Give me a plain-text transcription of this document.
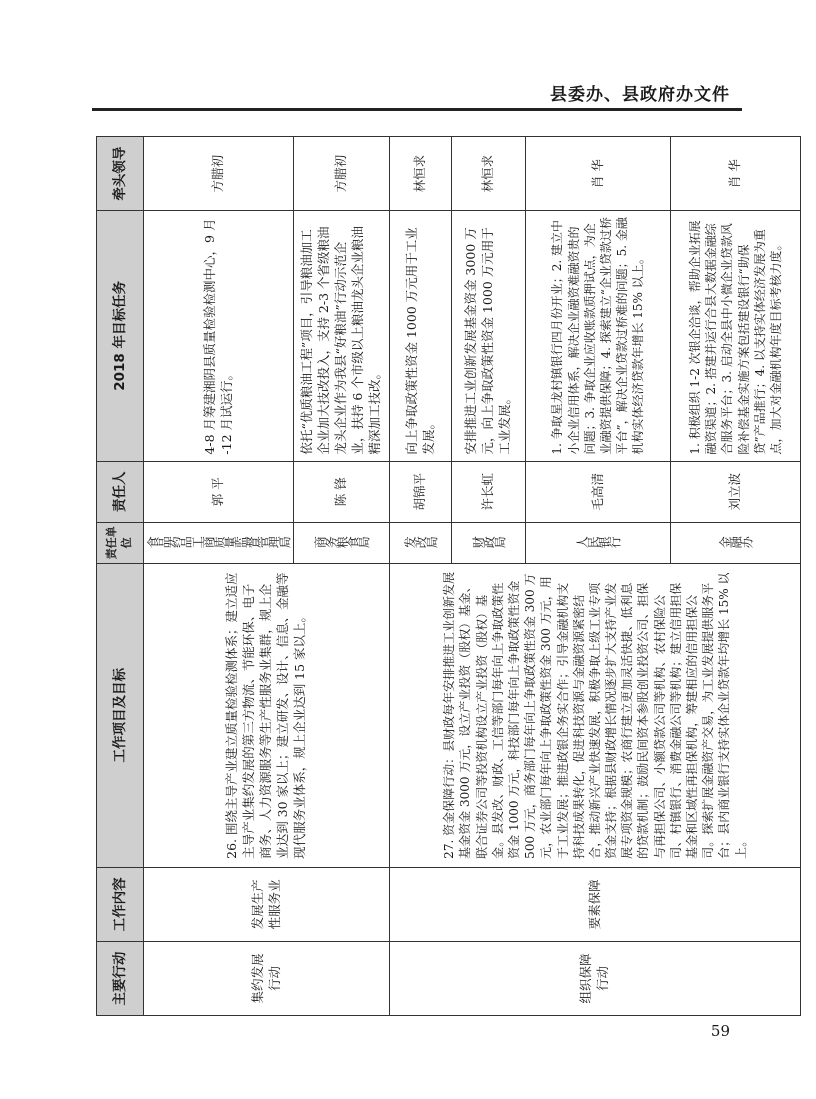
县委办、县政府办文件
主要行动	工作内容	工作项目及目标	责任单位	责任人	2018 年目标任务	牵头领导
集约发展行动	发展生产性服务业	26. 围绕主导产业建立质量检验检测体系；建立适应主导产业集约发展的第三方物流、节能环保、电子商务、人力资源服务等生产性服务业集群，规上企业达到 30 家以上；建立研发、设计、信息、金融等现代服务业体系，规上企业达到 15 家以上。	食品药品工商质量监督管理局	郭 平	4-8 月筹建湘阴县质量检验检测中心，9 月 -12 月试运行。	方腊初

			商务粮食局	陈 锋	依托“优质粮油工程”项目，引导粮油加工企业加大技改投入，支持 2-3 个省级粮油龙头企业作为我县“好粮油”行动示范企业，扶持 6 个市级以上粮油龙头企业粮油精深加工技改。	方腊初
组织保障行动	要素保障	27. 资金保障行动：县财政每年安排推进工业创新发展基金资金 3000 万元，设立产业投资（股权）基金、联合证券公司等投资机构设立产业投资（股权）基金。县发改、财政、工信等部门每年向上争取政策性资金 1000 万元，科技部门每年向上争取政策性资金 500 万元，商务部门每年向上争取政策性资金 300 万元，农业部门每年向上争取政策性资金 300 万元，用于工业发展；推进政银企务实合作；引导金融机构支持科技成果转化，促进科技资源与金融资源紧密结合，推动新兴产业快速发展，积极争取上级工业专项资金支持；根据县财政增长情况逐步扩大支持产业发展专项资金规模；农商行建立更加灵活快捷、低利息的贷款机制；鼓励民间资本参股创业投资公司、担保与再担保公司、小额贷款公司等机构、农村保险公司、村镇银行、消费金融公司等机构；建立信用担保基金和区域性再担保机构，筹建相应的信用担保公司。探索扩展金融资产交易，为工业发展提供服务平台；县内商业银行支持实体企业贷款年均增长 15% 以上。	发改局	胡锦平	向上争取政策性资金 1000 万元用于工业发展。	林恒求

			财政局	许长虹	安排推进工业创新发展基金资金 3000 万元，向上争取政策性资金 1000 万元用于工业发展。	林恒求

			人民银行	毛高清	1. 争取星龙村镇银行四月份开业；2. 建立中小企业信用体系，解决企业融资难融资贵的问题；3. 争取企业应收账款质押试点，为企业融资提供保障；4. 探索建立“企业贷款过桥平台”，解决企业贷款过桥难的问题；5. 金融机构实体经济贷款年增长 15% 以上。	肖 华

			金融办	刘立波	1. 积极组织 1-2 次银企洽谈，帮助企业拓展融资渠道；2. 搭建并运行合县大数据金融综合服务平台；3. 启动全县中小微企业贷款风险补偿基金实施方案包括建设银行“助保贷”产品推行；4. 以支持实体经济发展为重点，加大对金融机构年度目标考核力度。	肖 华
59
